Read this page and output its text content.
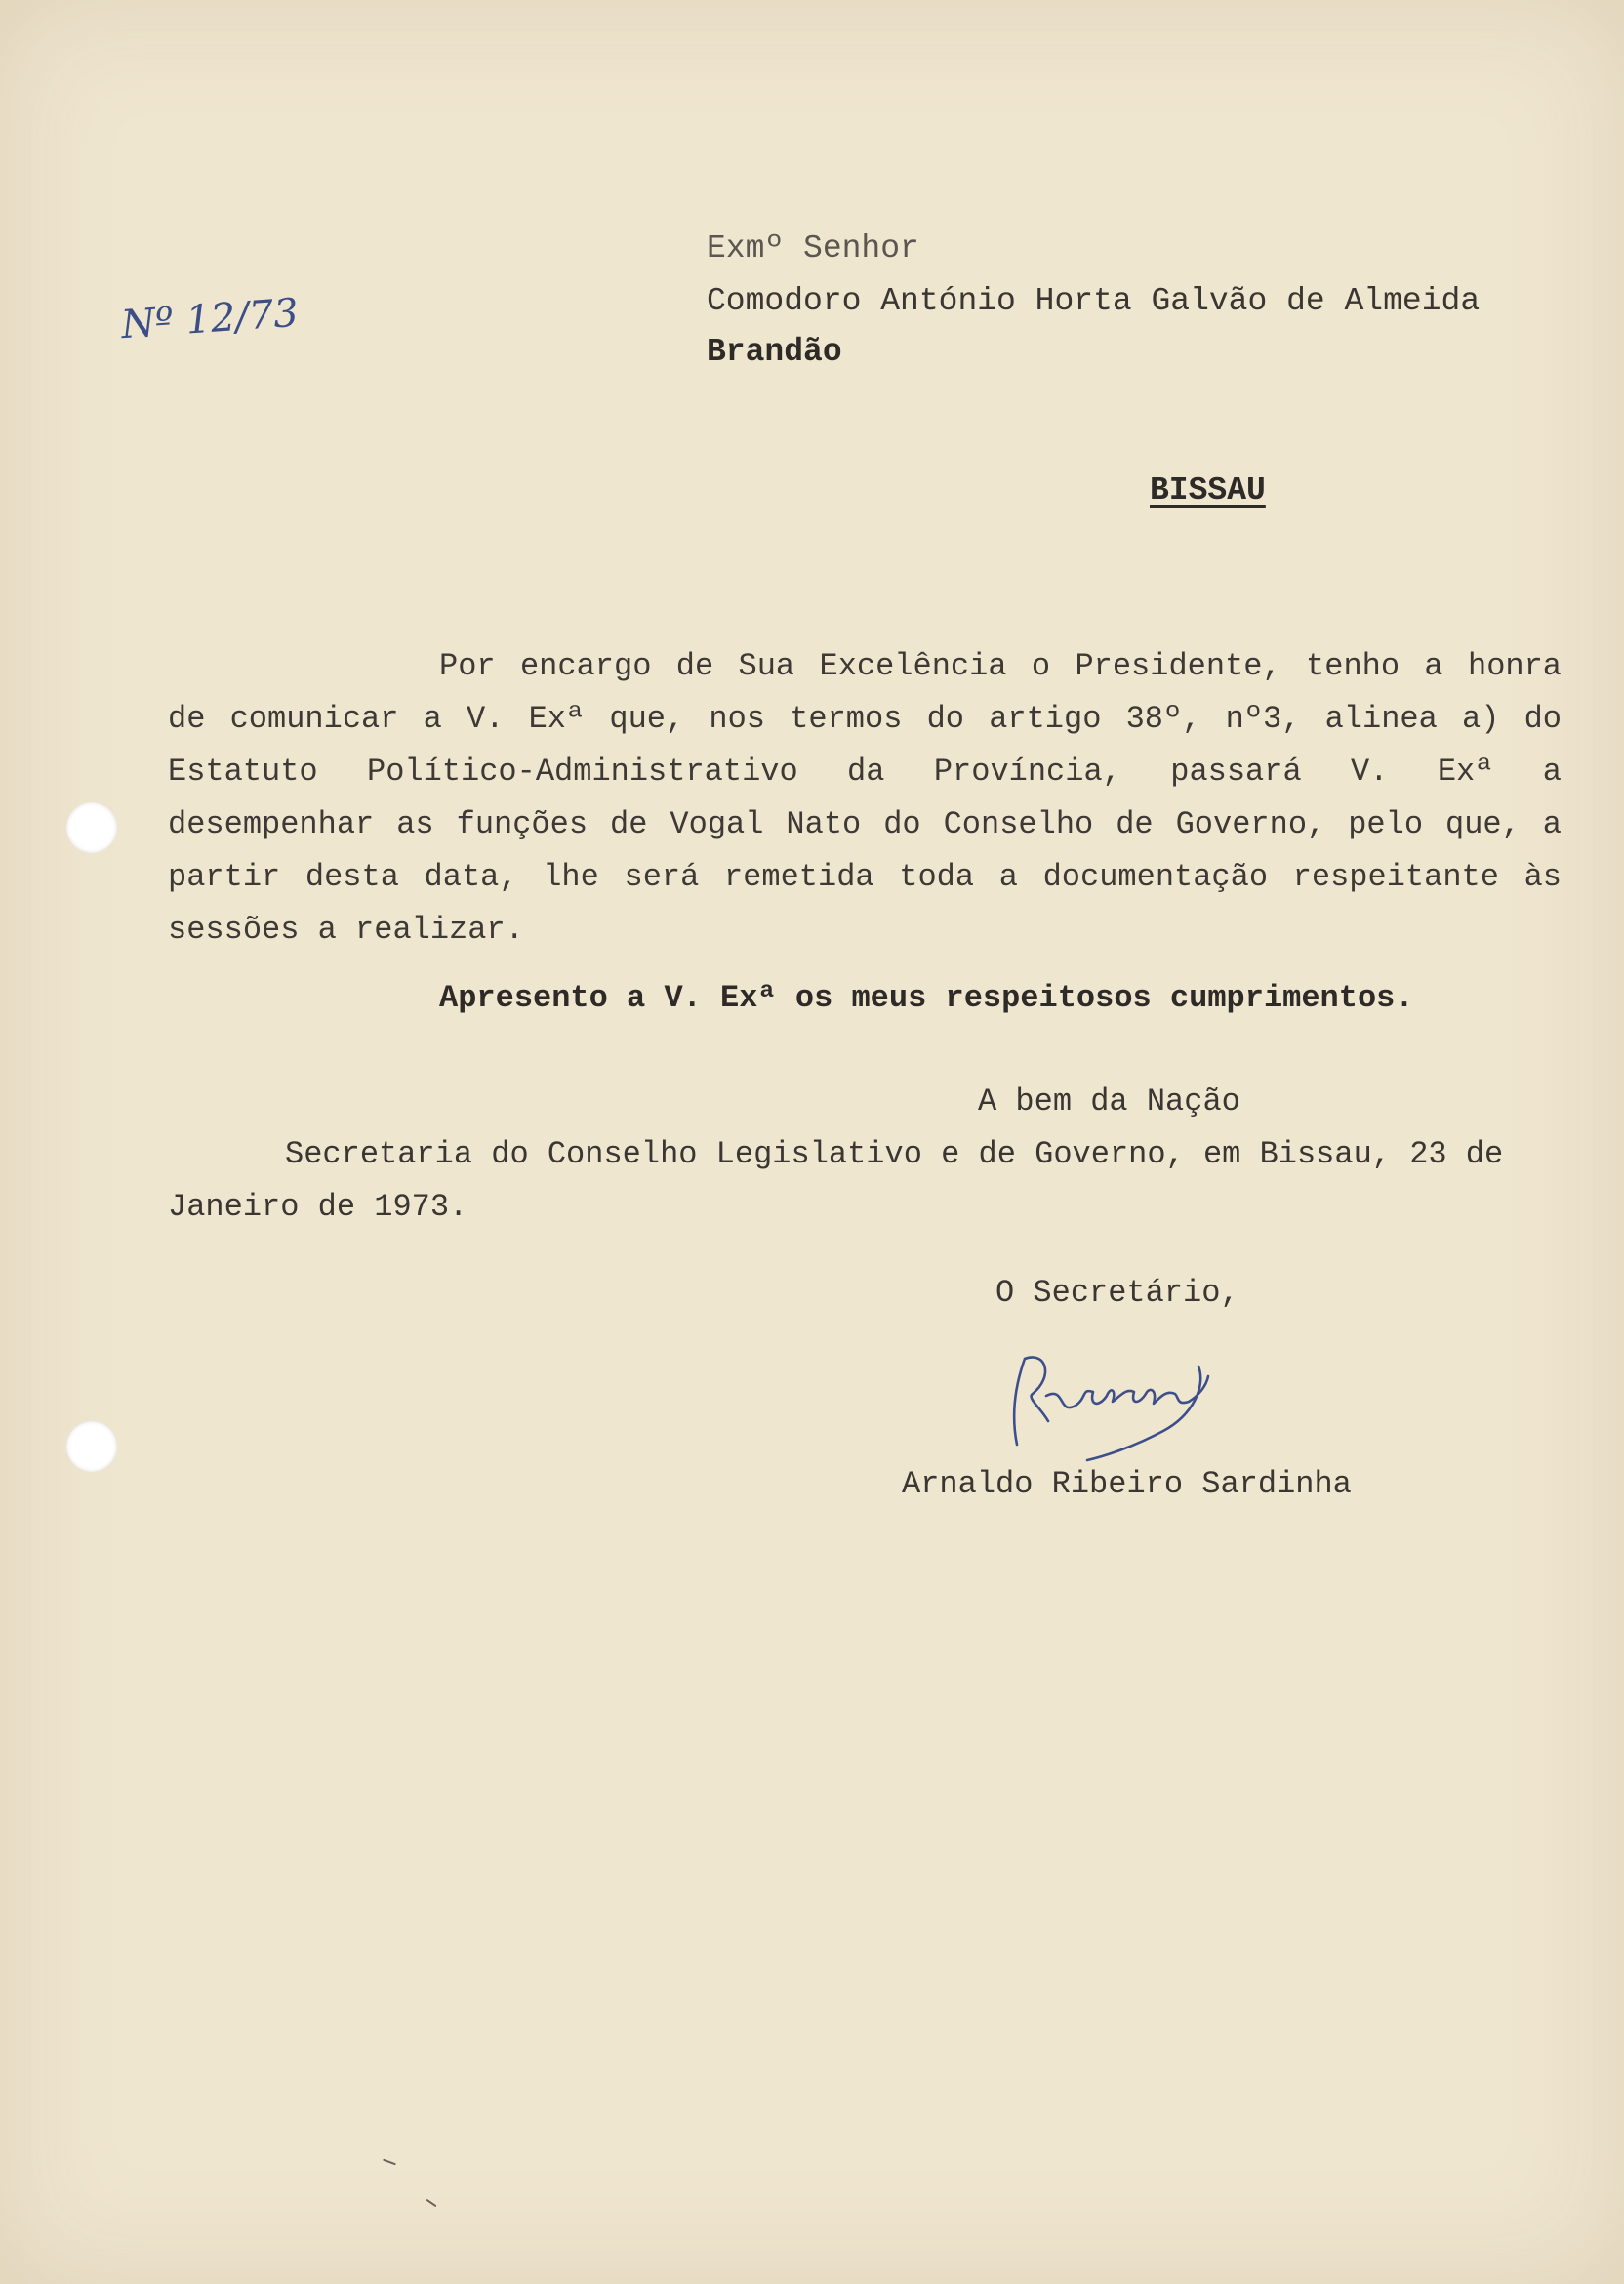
Nº 12/73
Exmº Senhor
Comodoro António Horta Galvão de Almeida
Brandão
BISSAU
Por encargo de Sua Excelência o Presidente, tenho a honra de comunicar a V. Exª que, nos termos do artigo 38º, nº3, alinea a) do Estatuto Político-Administrativo da Província, passará V. Exª a desempenhar as funções de Vogal Nato do Conselho de Governo, pelo que, a partir desta data, lhe será remetida toda a documentação respeitante às sessões a realizar.
Apresento a V. Exª os meus respeitosos cumprimentos.
A bem da Nação
Secretaria do Conselho Legislativo e de Governo, em Bissau, 23 de
Janeiro de 1973.
O Secretário,
Arnaldo Ribeiro Sardinha
